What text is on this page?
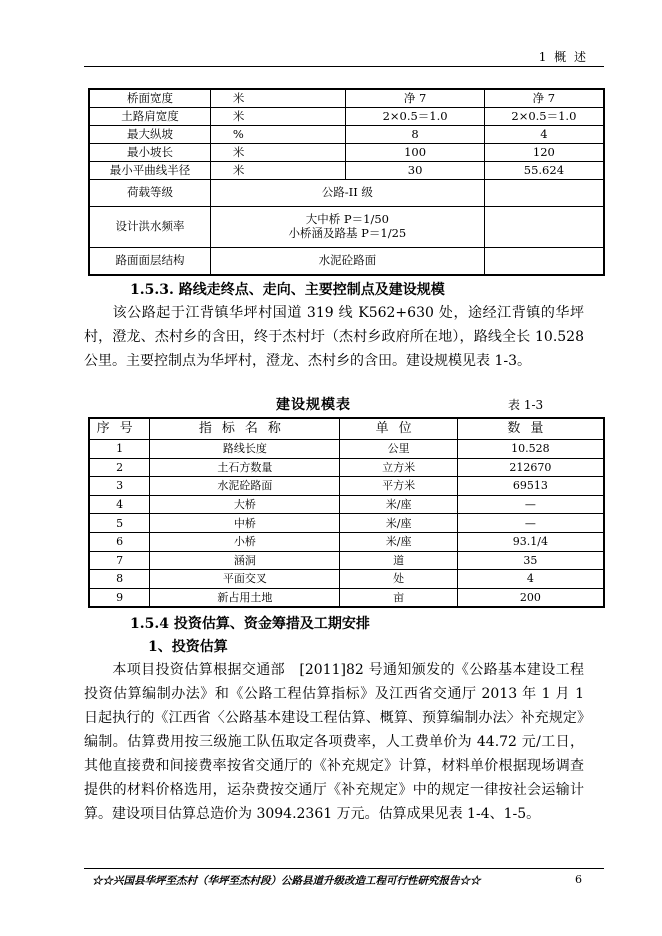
1 概 述
桥面宽度	米	净 7	净 7
土路肩宽度	米	2×0.5＝1.0	2×0.5＝1.0
最大纵坡	%	8	4
最小坡长	米	100	120
最小平曲线半径	米	30	55.624
荷载等级	公路-II 级		
设计洪水频率	大中桥 P＝1/50
小桥涵及路基 P＝1/25		

路面面层结构	水泥砼路面		
1.5.3. 路线走终点、走向、主要控制点及建设规模
该公路起于江背镇华坪村国道 319 线 K562+630 处，途经江背镇的华坪村，澄龙、杰村乡的含田，终于杰村圩（杰村乡政府所在地），路线全长 10.528 公里。主要控制点为华坪村，澄龙、杰村乡的含田。建设规模见表 1-3。
建设规模表	表 1-3
序号	指标名称	单位	数量
1	路线长度	公里	10.528
2	土石方数量	立方米	212670
3	水泥砼路面	平方米	69513
4	大桥	米/座	—
5	中桥	米/座	—
6	小桥	米/座	93.1/4
7	涵洞	道	35
8	平面交叉	处	4
9	新占用土地	亩	200
1.5.4 投资估算、资金筹措及工期安排
1、投资估算
本项目投资估算根据交通部　[2011]82 号通知颁发的《公路基本建设工程投资估算编制办法》和《公路工程估算指标》及江西省交通厅 2013 年 1 月 1 日起执行的《江西省〈公路基本建设工程估算、概算、预算编制办法〉补充规定》编制。估算费用按三级施工队伍取定各项费率，人工费单价为 44.72 元/工日，其他直接费和间接费率按省交通厅的《补充规定》计算，材料单价根据现场调查提供的材料价格选用，运杂费按交通厅《补充规定》中的规定一律按社会运输计算。建设项目估算总造价为 3094.2361 万元。估算成果见表 1-4、1-5。
☆☆兴国县华坪至杰村（华坪至杰村段）公路县道升级改造工程可行性研究报告☆☆	6
